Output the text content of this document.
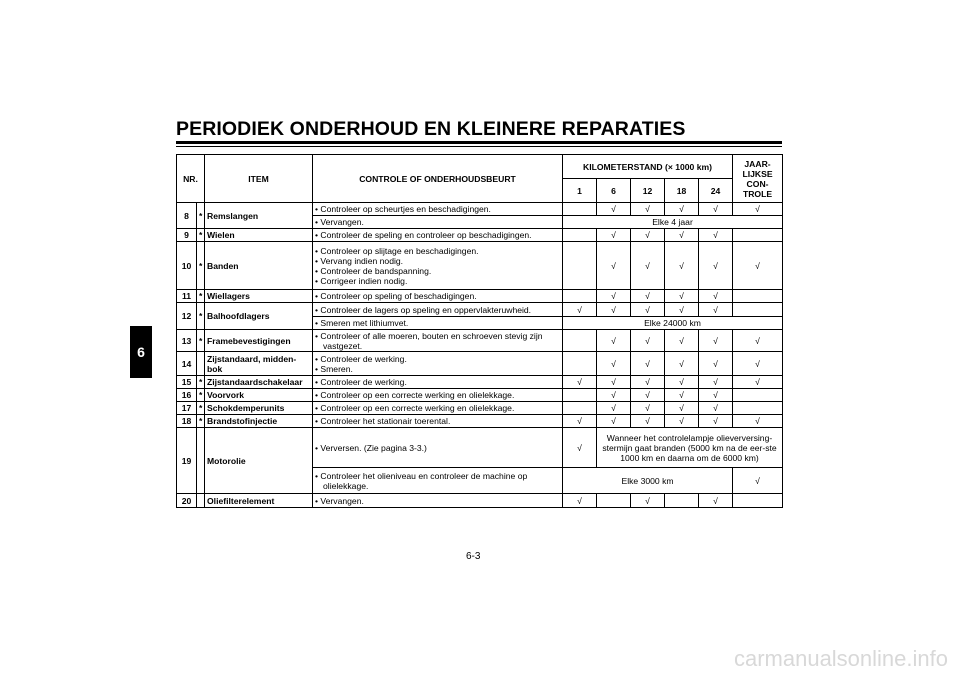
PERIODIEK ONDERHOUD EN KLEINERE REPARATIES
6
NR.		ITEM	CONTROLE OF ONDERHOUDSBEURT	KILOMETERSTAND (× 1000 km)					JAAR-LIJKSE CON-TROLE
				1	6	12	18	24	
8	*	Remslangen	• Controleer op scheurtjes en beschadigingen.		√	√	√	√	√

			• Vervangen.	Elke 4 jaar					
9	*	Wielen	• Controleer de speling en controleer op beschadigingen.		√	√	√	√	
10	*	Banden	• Controleer op slijtage en beschadigingen.
• Vervang indien nodig.
• Controleer de bandspanning.
• Corrigeer indien nodig.		√	√	√	√	√
11	*	Wiellagers	• Controleer op speling of beschadigingen.		√	√	√	√	
12	*	Balhoofdlagers	• Controleer de lagers op speling en oppervlakteruwheid.	√	√	√	√	√	

			• Smeren met lithiumvet.	Elke 24000 km					
13	*	Framebevestigingen	• Controleer of alle moeren, bouten en schroeven stevig zijn
vastgezet.		√	√	√	√	√
14		Zijstandaard, midden-bok	• Controleer de werking.
• Smeren.		√	√	√	√	√
15	*	Zijstandaardschakelaar	• Controleer de werking.	√	√	√	√	√	√
16	*	Voorvork	• Controleer op een correcte werking en olielekkage.		√	√	√	√	
17	*	Schokdemperunits	• Controleer op een correcte werking en olielekkage.		√	√	√	√	
18	*	Brandstofinjectie	• Controleer het stationair toerental.	√	√	√	√	√	√
19		Motorolie	• Verversen. (Zie pagina 3-3.)	√	Wanneer het controlelampje olieverversing-stermijn gaat branden (5000 km na de eer-ste 1000 km en daarna om de 6000 km)				

			• Controleer het olieniveau en controleer de machine op
olielekkage.	Elke 3000 km					√
20		Oliefilterelement	• Vervangen.	√		√		√	
6-3
carmanualsonline.info
